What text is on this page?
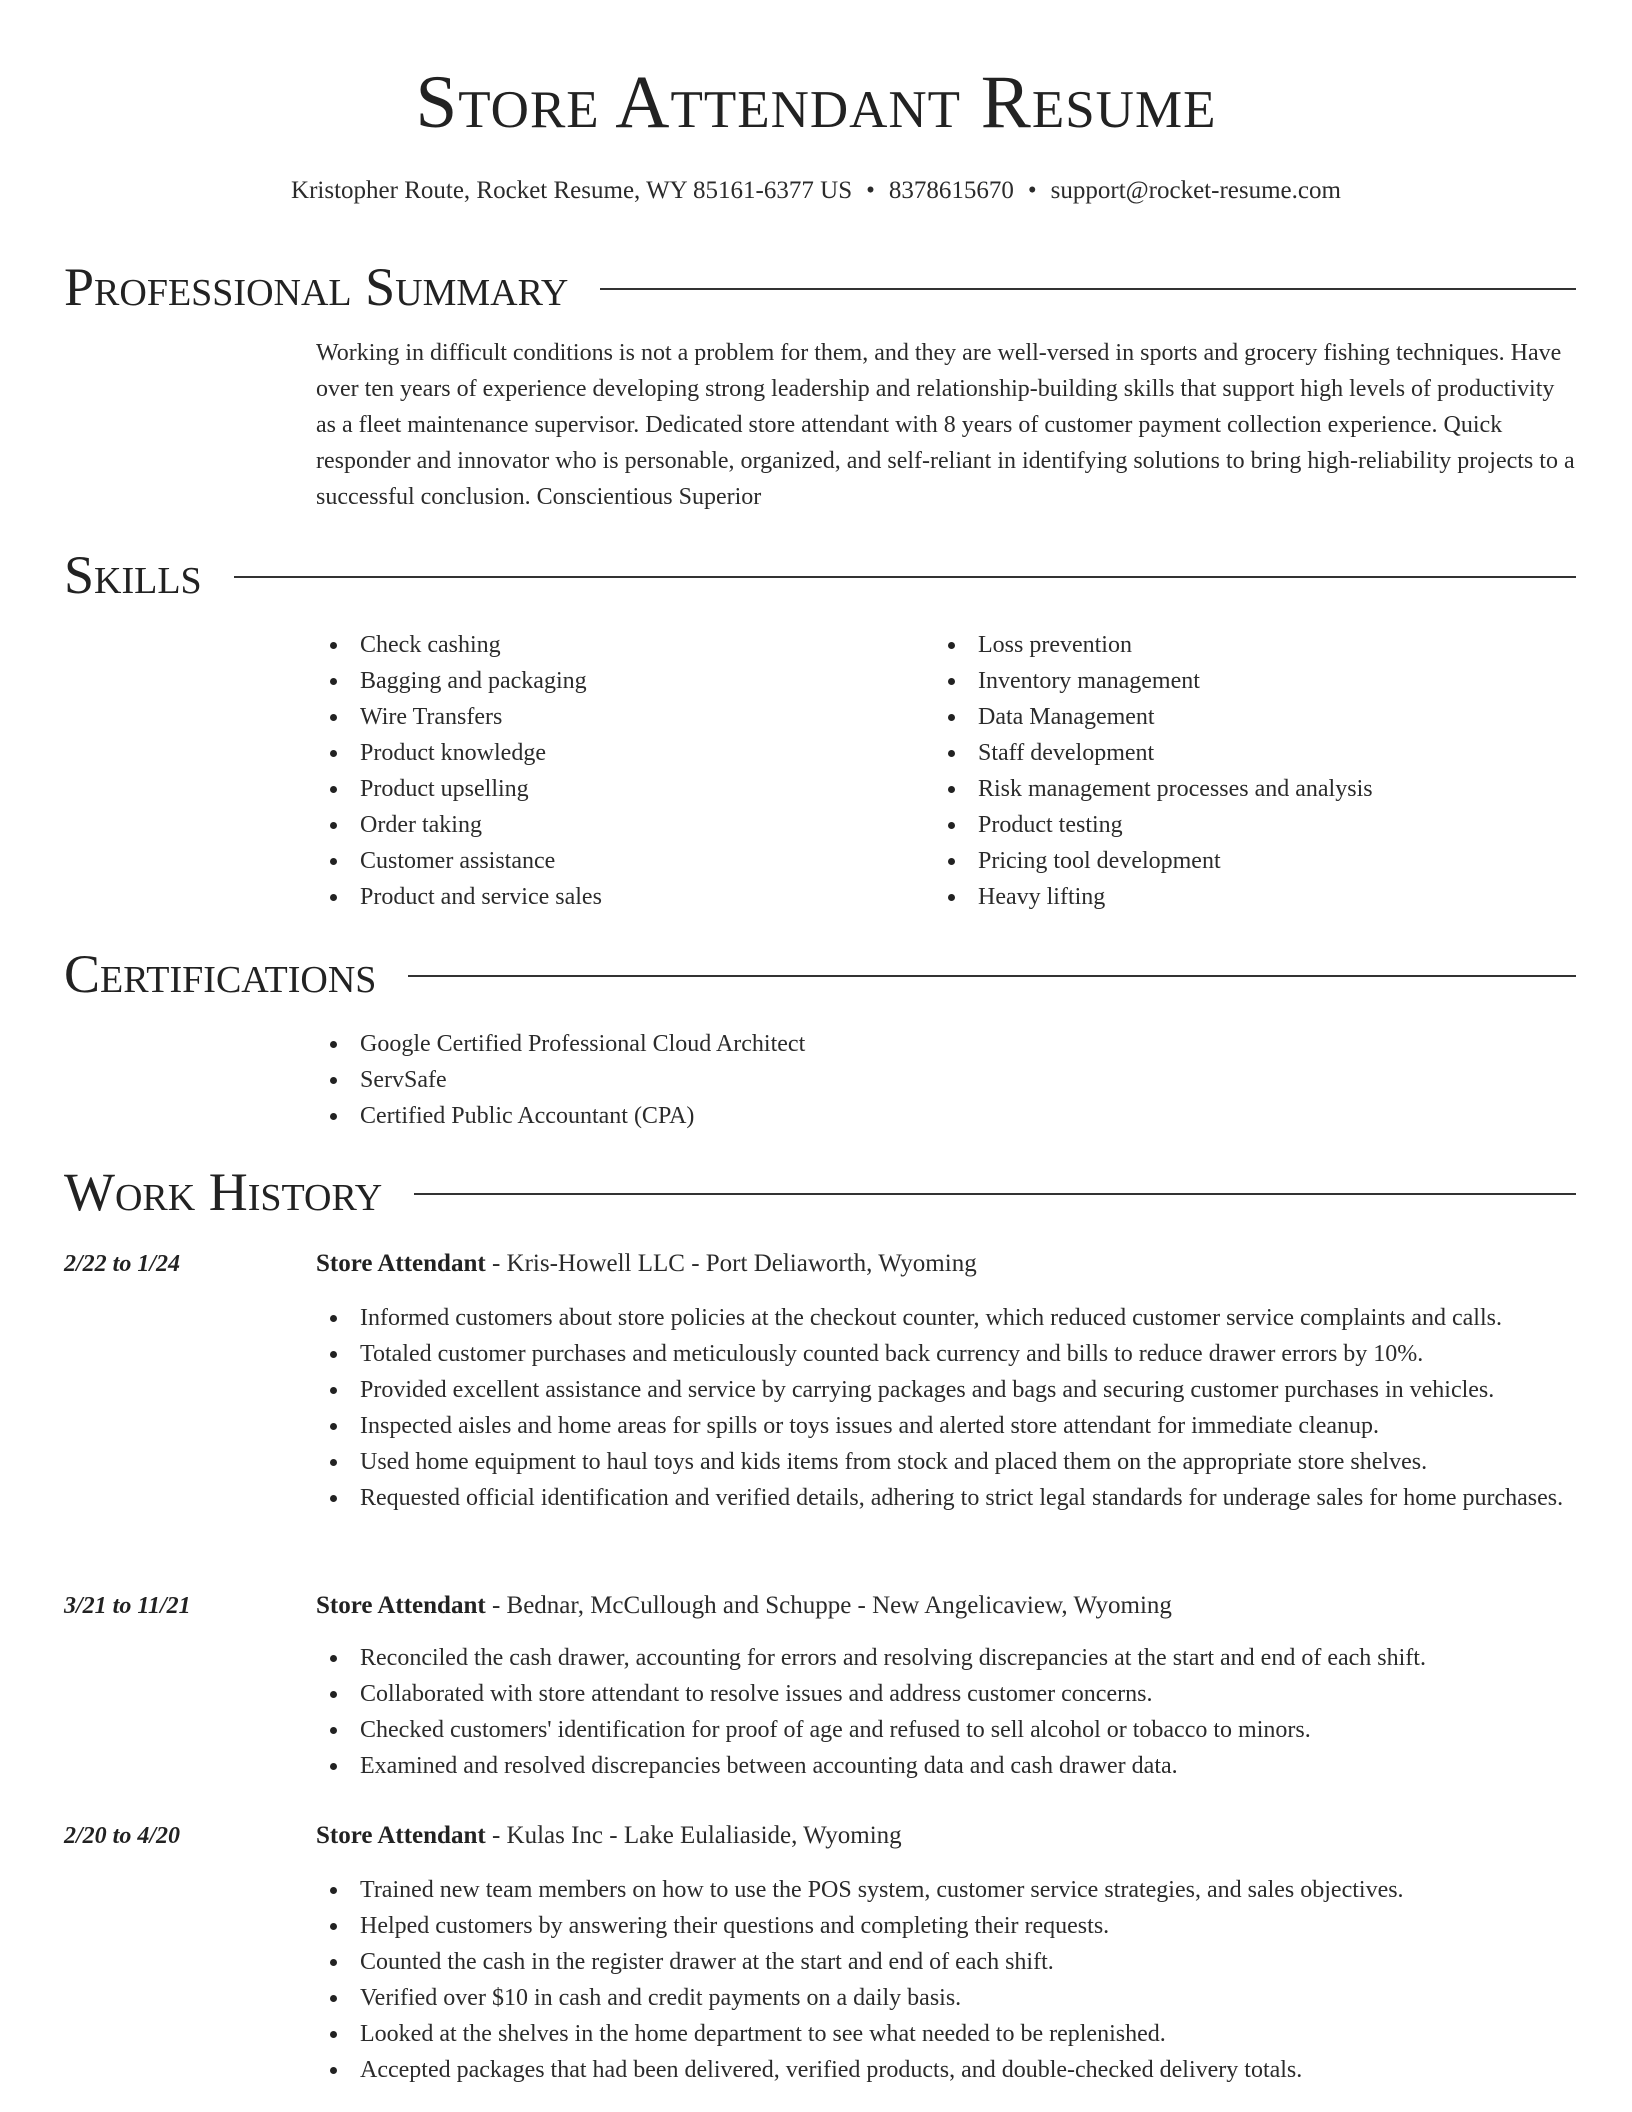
Store Attendant Resume
Kristopher Route, Rocket Resume, WY 85161-6377 US • 8378615670 • support@rocket-resume.com
Professional Summary
Working in difficult conditions is not a problem for them, and they are well-versed in sports and grocery fishing techniques. Have over ten years of experience developing strong leadership and relationship-building skills that support high levels of productivity as a fleet maintenance supervisor. Dedicated store attendant with 8 years of customer payment collection experience. Quick responder and innovator who is personable, organized, and self-reliant in identifying solutions to bring high-reliability projects to a successful conclusion. Conscientious Superior
Skills
Check cashing
Bagging and packaging
Wire Transfers
Product knowledge
Product upselling
Order taking
Customer assistance
Product and service sales
Loss prevention
Inventory management
Data Management
Staff development
Risk management processes and analysis
Product testing
Pricing tool development
Heavy lifting
Certifications
Google Certified Professional Cloud Architect
ServSafe
Certified Public Accountant (CPA)
Work History
2/22 to 1/24	Store Attendant - Kris-Howell LLC - Port Deliaworth, Wyoming
Informed customers about store policies at the checkout counter, which reduced customer service complaints and calls.
Totaled customer purchases and meticulously counted back currency and bills to reduce drawer errors by 10%.
Provided excellent assistance and service by carrying packages and bags and securing customer purchases in vehicles.
Inspected aisles and home areas for spills or toys issues and alerted store attendant for immediate cleanup.
Used home equipment to haul toys and kids items from stock and placed them on the appropriate store shelves.
Requested official identification and verified details, adhering to strict legal standards for underage sales for home purchases.
3/21 to 11/21	Store Attendant - Bednar, McCullough and Schuppe - New Angelicaview, Wyoming
Reconciled the cash drawer, accounting for errors and resolving discrepancies at the start and end of each shift.
Collaborated with store attendant to resolve issues and address customer concerns.
Checked customers' identification for proof of age and refused to sell alcohol or tobacco to minors.
Examined and resolved discrepancies between accounting data and cash drawer data.
2/20 to 4/20	Store Attendant - Kulas Inc - Lake Eulaliaside, Wyoming
Trained new team members on how to use the POS system, customer service strategies, and sales objectives.
Helped customers by answering their questions and completing their requests.
Counted the cash in the register drawer at the start and end of each shift.
Verified over $10 in cash and credit payments on a daily basis.
Looked at the shelves in the home department to see what needed to be replenished.
Accepted packages that had been delivered, verified products, and double-checked delivery totals.
